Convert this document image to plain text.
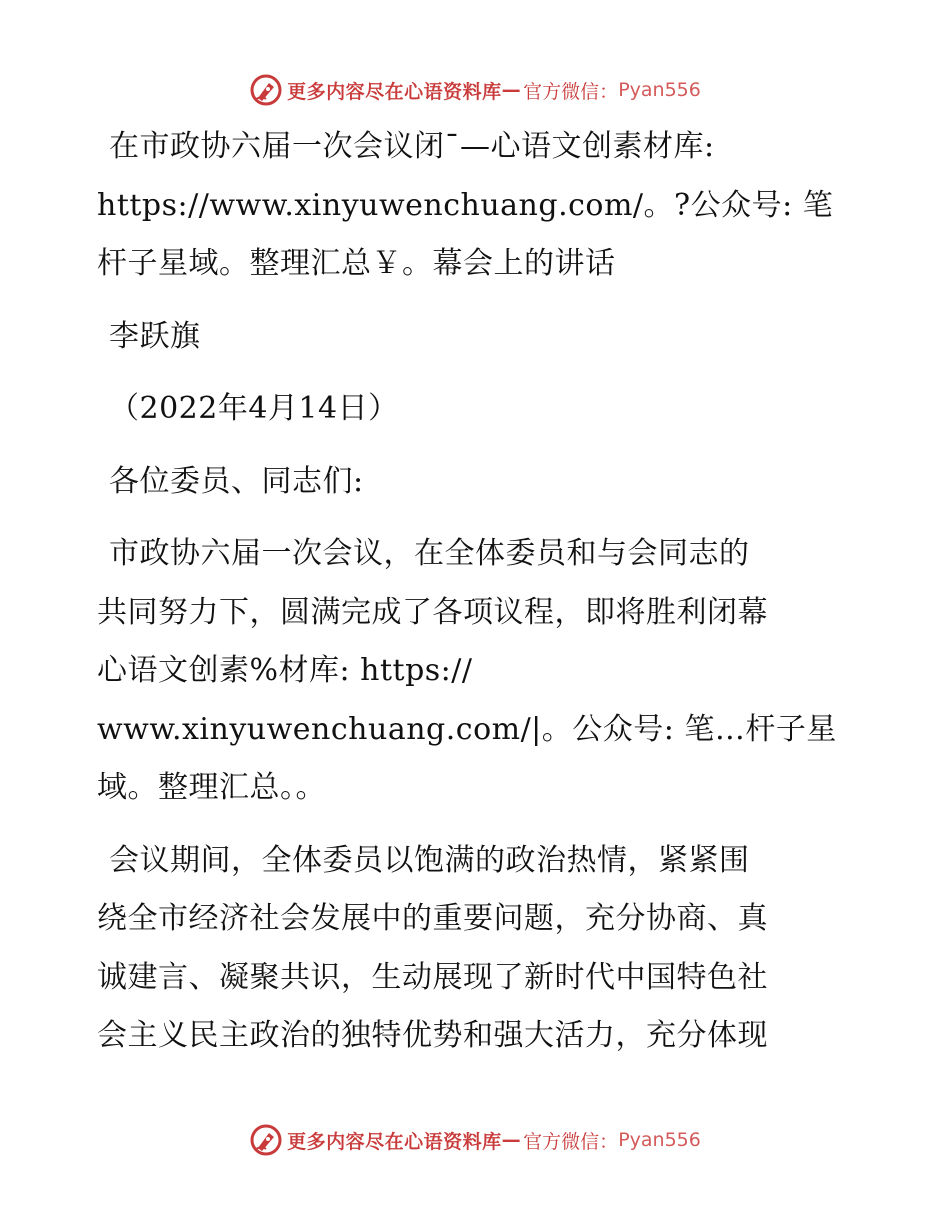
更多内容尽在心语资料库 — 官方微信： Pyan556
在市政协六届一次会议闭¯—心语文创素材库:
https://www.xinyuwenchuang.com/。?公众号: 笔
杆子星域。整理汇总￥。幕会上的讲话
李跃旗
（2022年4月14日）
各位委员、同志们:
市政协六届一次会议，在全体委员和与会同志的
共同努力下，圆满完成了各项议程，即将胜利闭幕
心语文创素%材库: https://
www.xinyuwenchuang.com/|。公众号: 笔…杆子星
域。整理汇总。。
会议期间，全体委员以饱满的政治热情，紧紧围
绕全市经济社会发展中的重要问题，充分协商、真
诚建言、凝聚共识，生动展现了新时代中国特色社
会主义民主政治的独特优势和强大活力，充分体现
更多内容尽在心语资料库 — 官方微信： Pyan556
